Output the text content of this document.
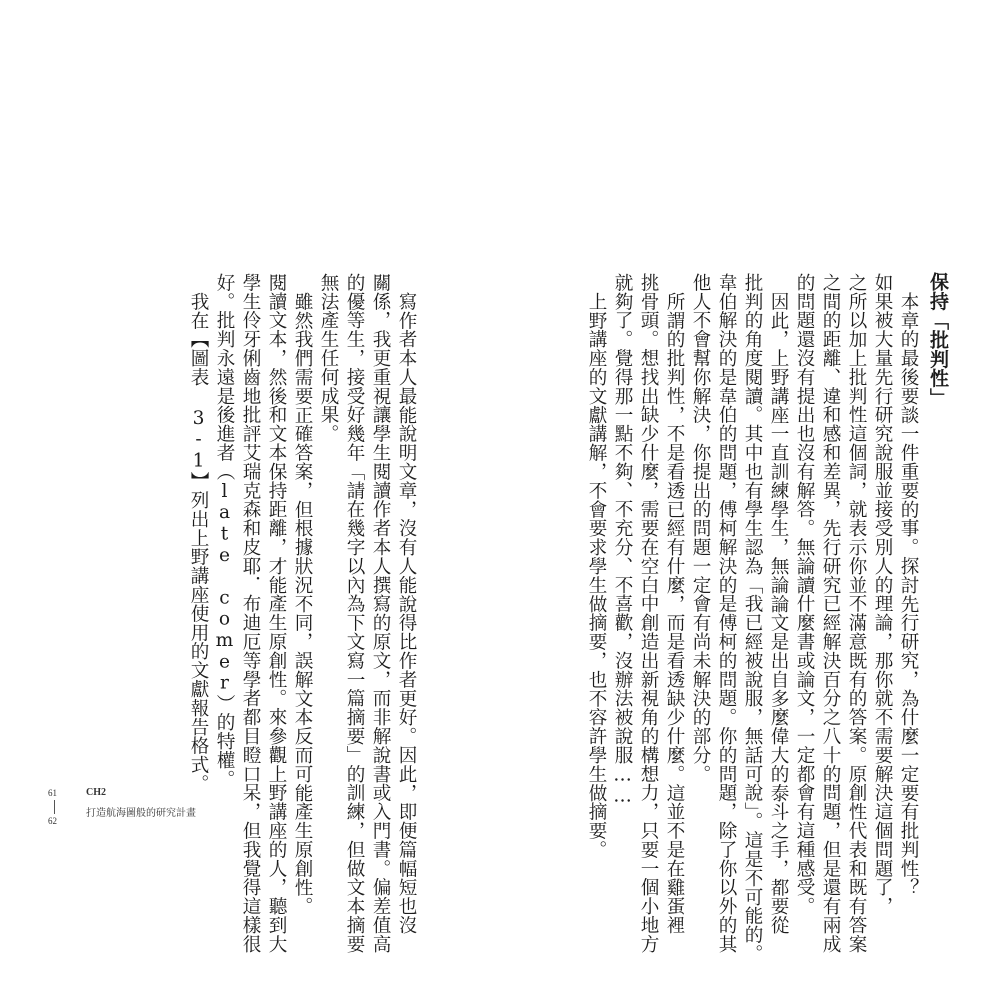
保持「批判性」
本章的最後要談一件重要的事。探討先行研究，為什麼一定要有批判性？
如果被大量先行研究說服並接受別人的理論，那你就不需要解決這個問題了，
之所以加上批判性這個詞，就表示你並不滿意既有的答案。原創性代表和既有答案
之間的距離、違和感和差異，先行研究已經解決百分之八十的問題，但是還有兩成
的問題還沒有提出也沒有解答。無論讀什麼書或論文，一定都會有這種感受。
因此，上野講座一直訓練學生，無論論文是出自多麼偉大的泰斗之手，都要從
批判的角度閱讀。其中也有學生認為「我已經被說服，無話可說」。這是不可能的。
韋伯解決的是韋伯的問題，傅柯解決的是傅柯的問題。你的問題，除了你以外的其
他人不會幫你解決，你提出的問題一定會有尚未解決的部分。
所謂的批判性，不是看透已經有什麼，而是看透缺少什麼。這並不是在雞蛋裡
挑骨頭。想找出缺少什麼，需要在空白中創造出新視角的構想力，只要一個小地方
就夠了。覺得那一點不夠、不充分、不喜歡，沒辦法被說服……
上野講座的文獻講解，不會要求學生做摘要，也不容許學生做摘要。
寫作者本人最能說明文章，沒有人能說得比作者更好。因此，即便篇幅短也沒
關係，我更重視讓學生閱讀作者本人撰寫的原文，而非解說書或入門書。偏差值高
的優等生，接受好幾年「請在幾字以內為下文寫一篇摘要」的訓練，但做文本摘要
無法產生任何成果。
雖然我們需要正確答案，但根據狀況不同，誤解文本反而可能產生原創性。
閱讀文本，然後和文本保持距離，才能產生原創性。來參觀上野講座的人，聽到大
學生伶牙俐齒地批評艾瑞克森和皮耶．布迪厄等學者都目瞪口呆，但我覺得這樣很
好。批判永遠是後進者（late comer）的特權。
我在【圖表 3-1】列出上野講座使用的文獻報告格式。
61	CH2
打造航海圖般的研究計畫
62
